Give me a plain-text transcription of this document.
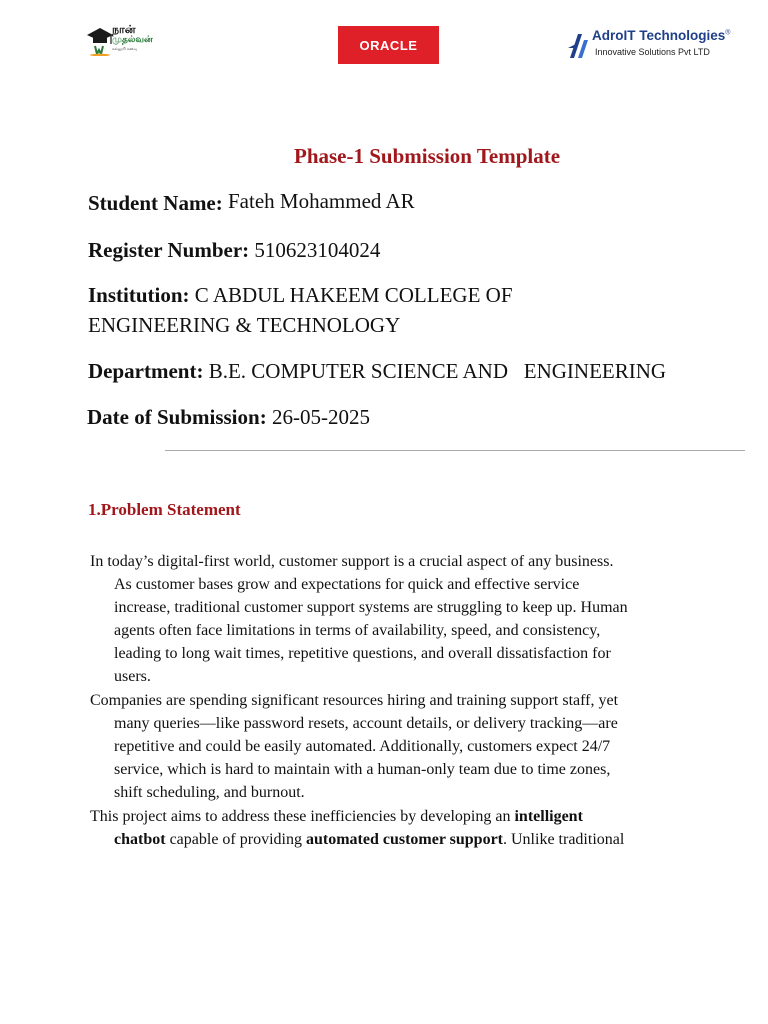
நான்
முதல்வன்
கல்லூரி கனவு	ORACLE
AdroIT Technologies®
Innovative Solutions Pvt LTD
Phase-1 Submission Template
Student Name: Fateh Mohammed AR
Register Number: 510623104024
Institution: C ABDUL HAKEEM COLLEGE OF
ENGINEERING & TECHNOLOGY
Department: B.E. COMPUTER SCIENCE AND   ENGINEERING
Date of Submission: 26-05-2025
1.Problem Statement

In today’s digital-first world, customer support is a crucial aspect of any business.
As customer bases grow and expectations for quick and effective service
increase, traditional customer support systems are struggling to keep up. Human
agents often face limitations in terms of availability, speed, and consistency,
leading to long wait times, repetitive questions, and overall dissatisfaction for
users.

Companies are spending significant resources hiring and training support staff, yet
many queries—like password resets, account details, or delivery tracking—are
repetitive and could be easily automated. Additionally, customers expect 24/7
service, which is hard to maintain with a human-only team due to time zones,
shift scheduling, and burnout.

This project aims to address these inefficiencies by developing an intelligent
chatbot capable of providing automated customer support. Unlike traditional
